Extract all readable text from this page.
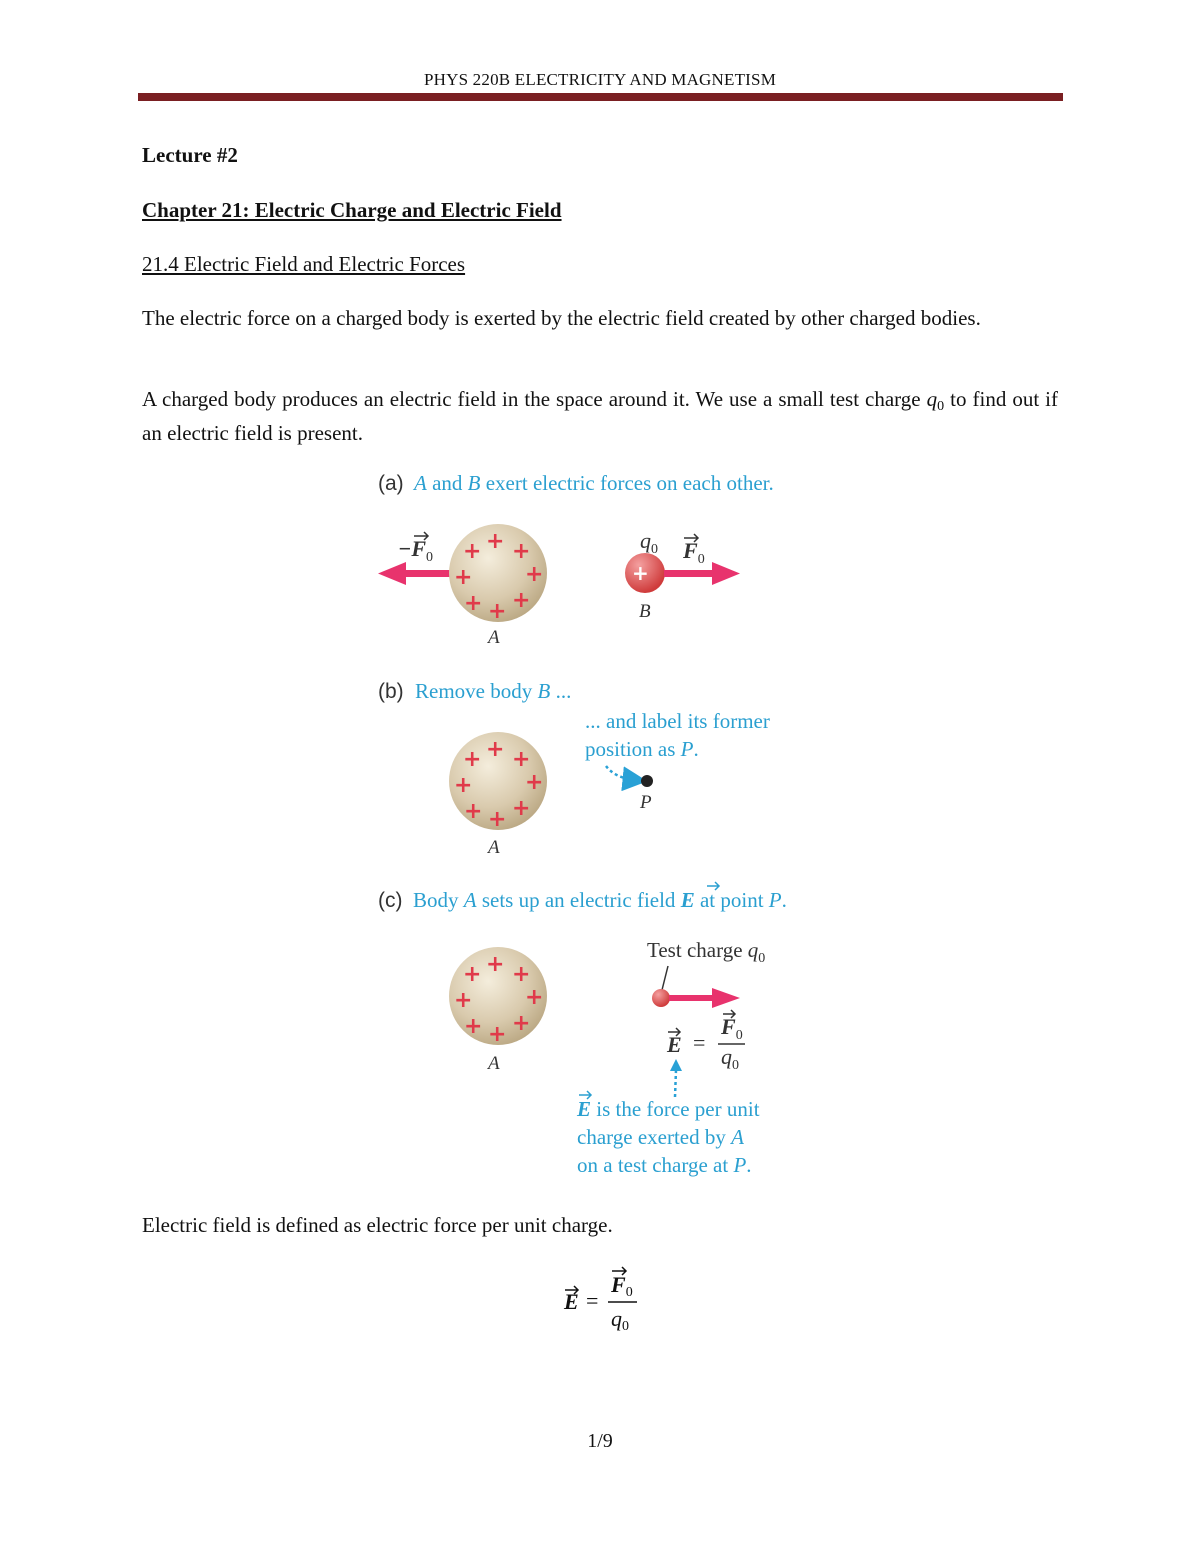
PHYS 220B ELECTRICITY AND MAGNETISM
Lecture #2
Chapter 21: Electric Charge and Electric Field
21.4 Electric Field and Electric Forces
The electric force on a charged body is exerted by the electric field created by other charged bodies.
A charged body produces an electric field in the space around it. We use a small test charge $q_0$ to find out if an electric field is present.
(a) A and B exert electric forces on each other.
$-F_0$ + + +
+ +
+ + +
A
+
$q_0$ $F_0$
B
(b) Remove body B ...
... and label its former
position as P.
P
+ + +
+ +
+ + +
A
(c) Body A sets up an electric field E at point P.
+ + +
+ +
+ + +
A
Test charge $q_0$
E =
$F_0$
$q_0$
E is the force per unit
charge exerted by A
on a test charge at P.
Electric field is defined as electric force per unit charge.
E =
F0
q0
1/9
